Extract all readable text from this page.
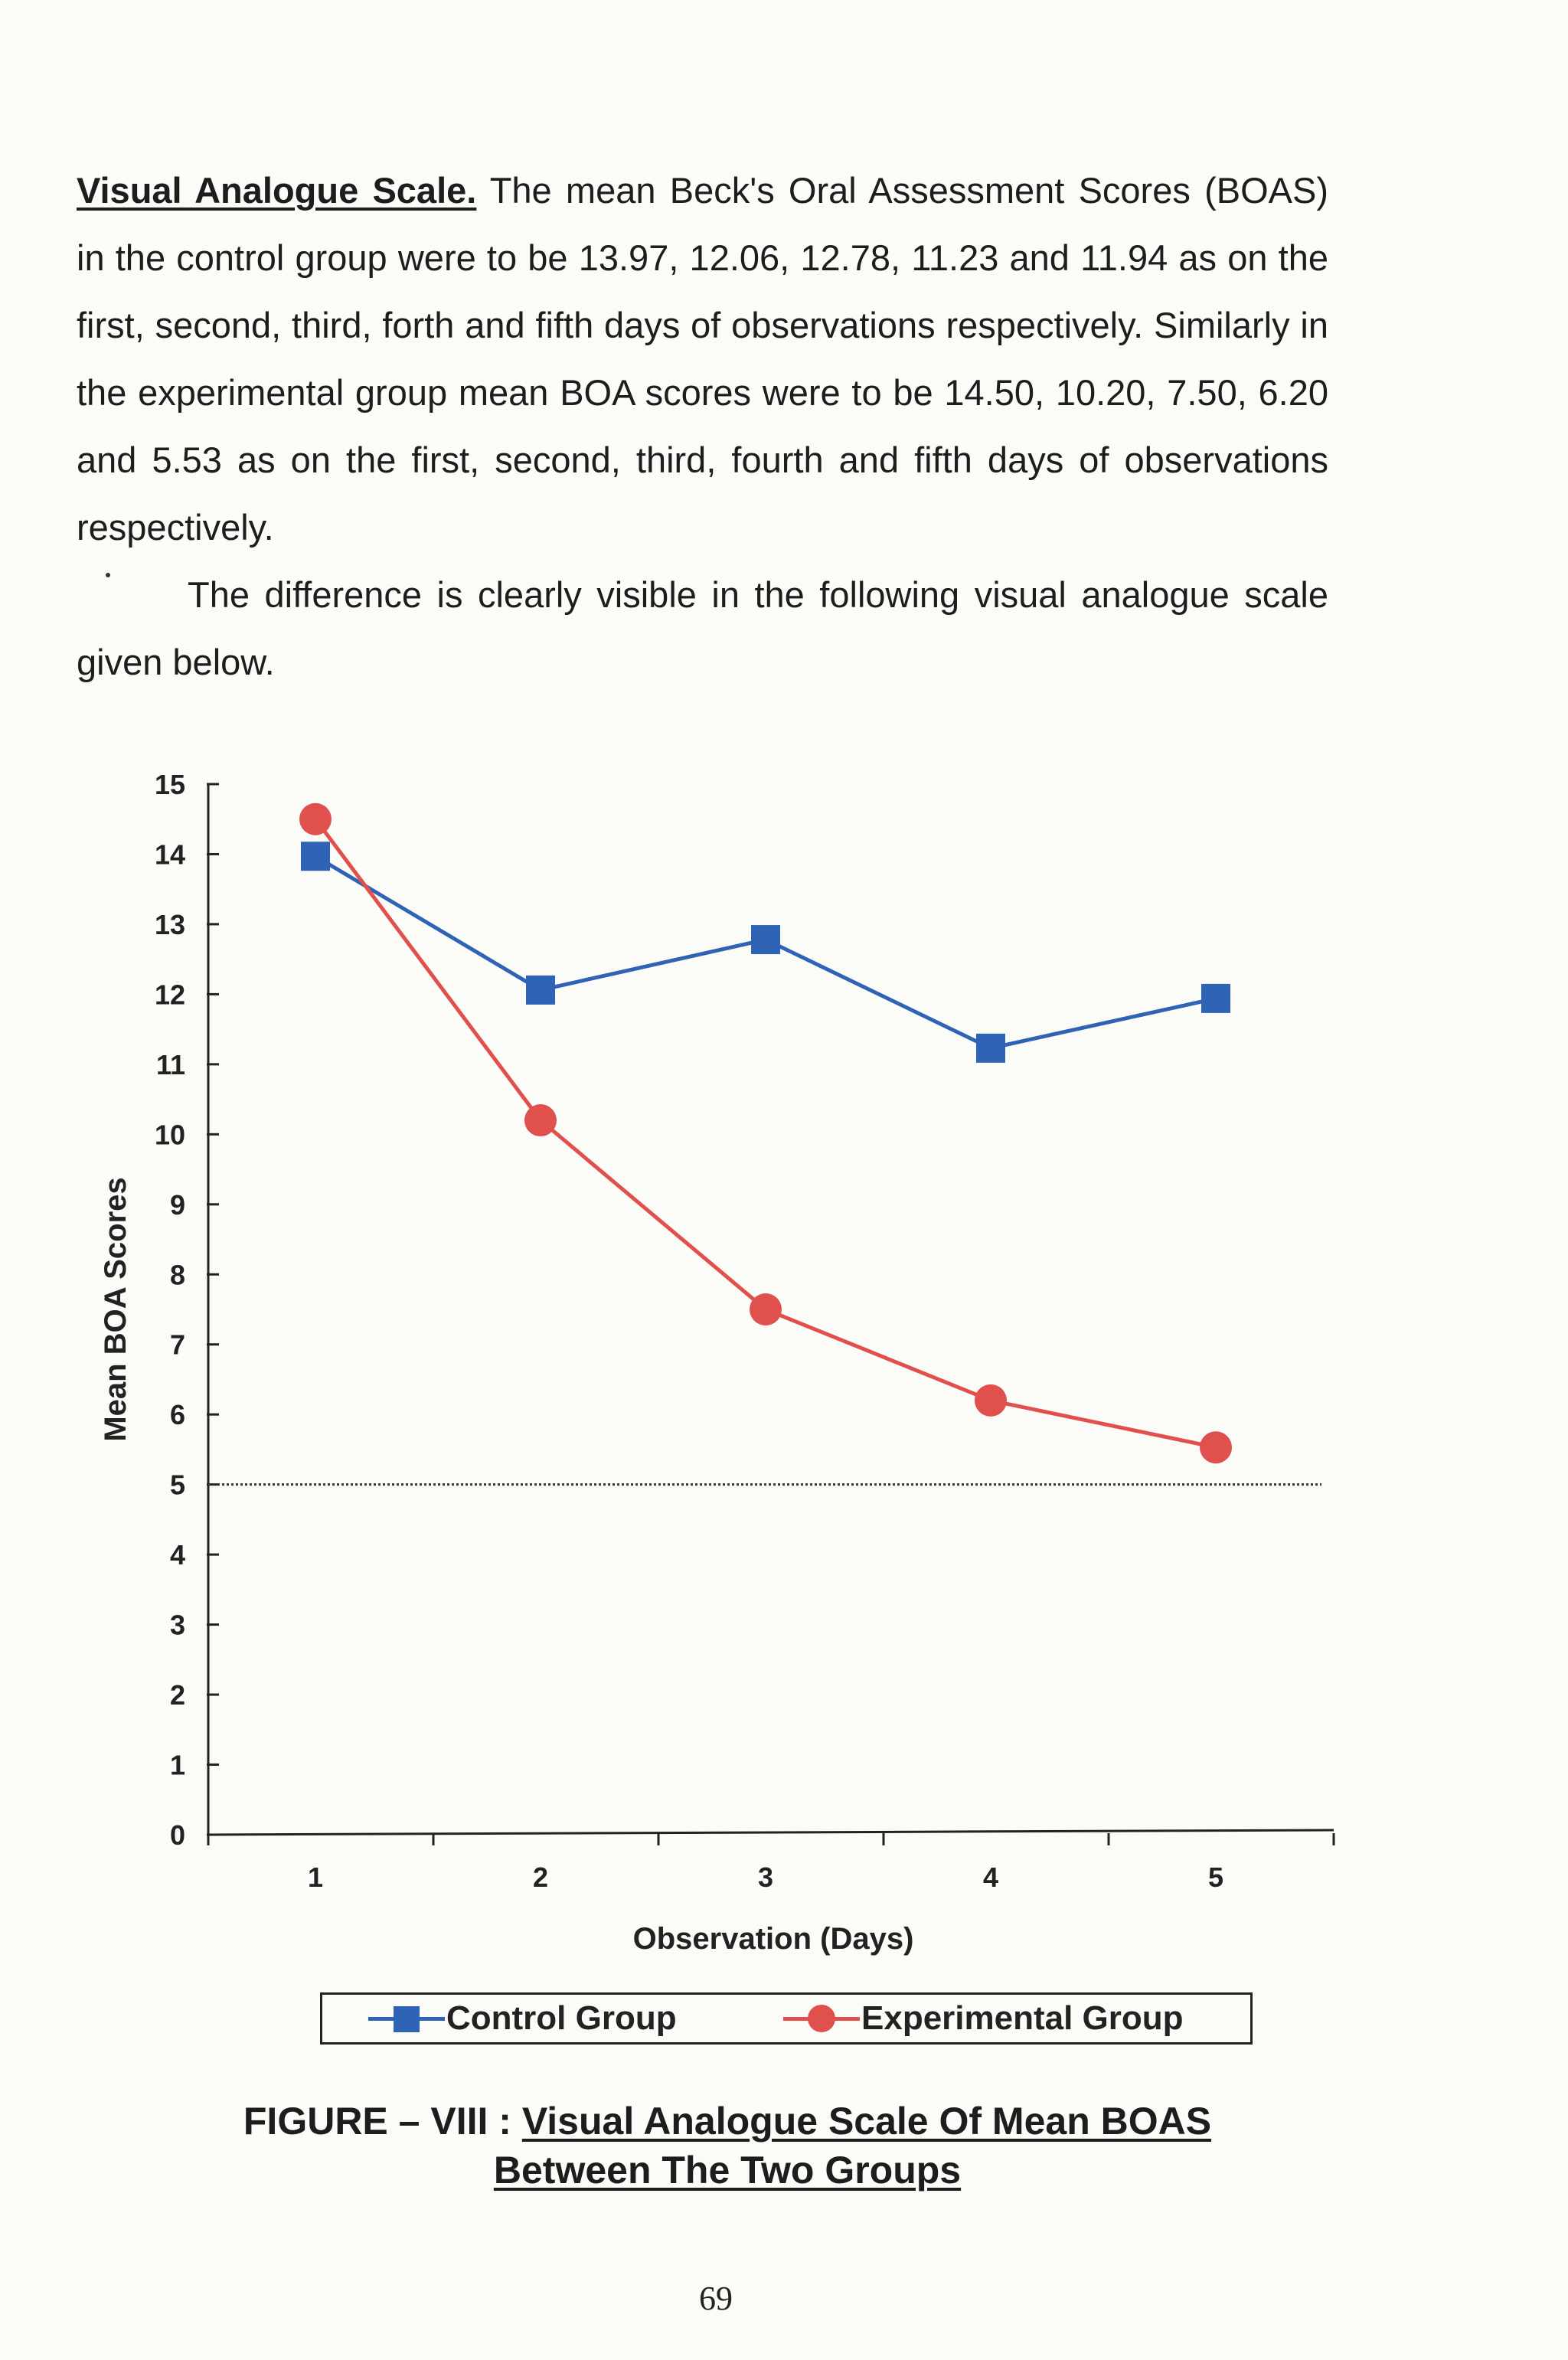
Visual Analogue Scale. The mean Beck's Oral Assessment Scores (BOAS) in the control group were to be 13.97, 12.06, 12.78, 11.23 and 11.94 as on the first, second, third, forth and fifth days of observations respectively. Similarly in the experimental group mean BOA scores were to be 14.50, 10.20, 7.50, 6.20 and 5.53 as on the first, second, third, fourth and fifth days of observations respectively.

The difference is clearly visible in the following visual analogue scale given below.

0
1
2
3
4
5
6
7
8
9
10
11
12
13
14
15
1	2	3	4	5
Mean BOA Scores
Observation (Days)
Control Group	Experimental Group
FIGURE – VIII : Visual Analogue Scale Of Mean BOAS
Between The Two Groups
69
